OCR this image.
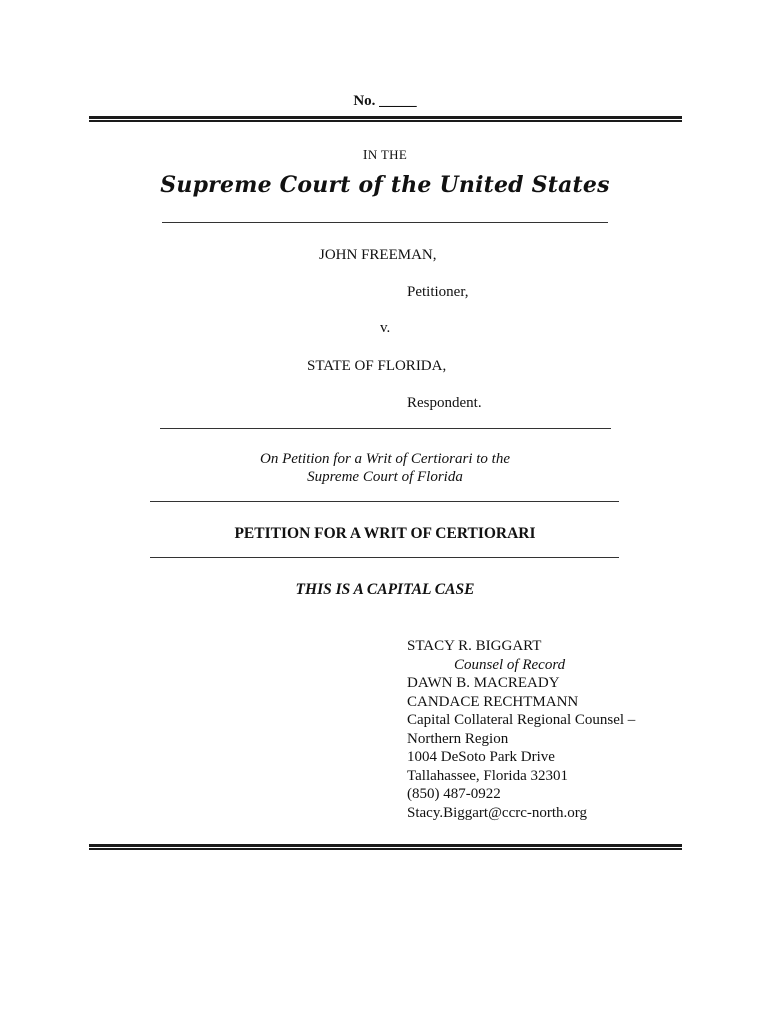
No. _____
IN THE
Supreme Court of the United States
JOHN FREEMAN,
Petitioner,
v.
STATE OF FLORIDA,
Respondent.
On Petition for a Writ of Certiorari to the
Supreme Court of Florida
PETITION FOR A WRIT OF CERTIORARI
THIS IS A CAPITAL CASE
STACY R. BIGGART
Counsel of Record
DAWN B. MACREADY
CANDACE RECHTMANN
Capital Collateral Regional Counsel –
Northern Region
1004 DeSoto Park Drive
Tallahassee, Florida 32301
(850) 487-0922
Stacy.Biggart@ccrc-north.org
